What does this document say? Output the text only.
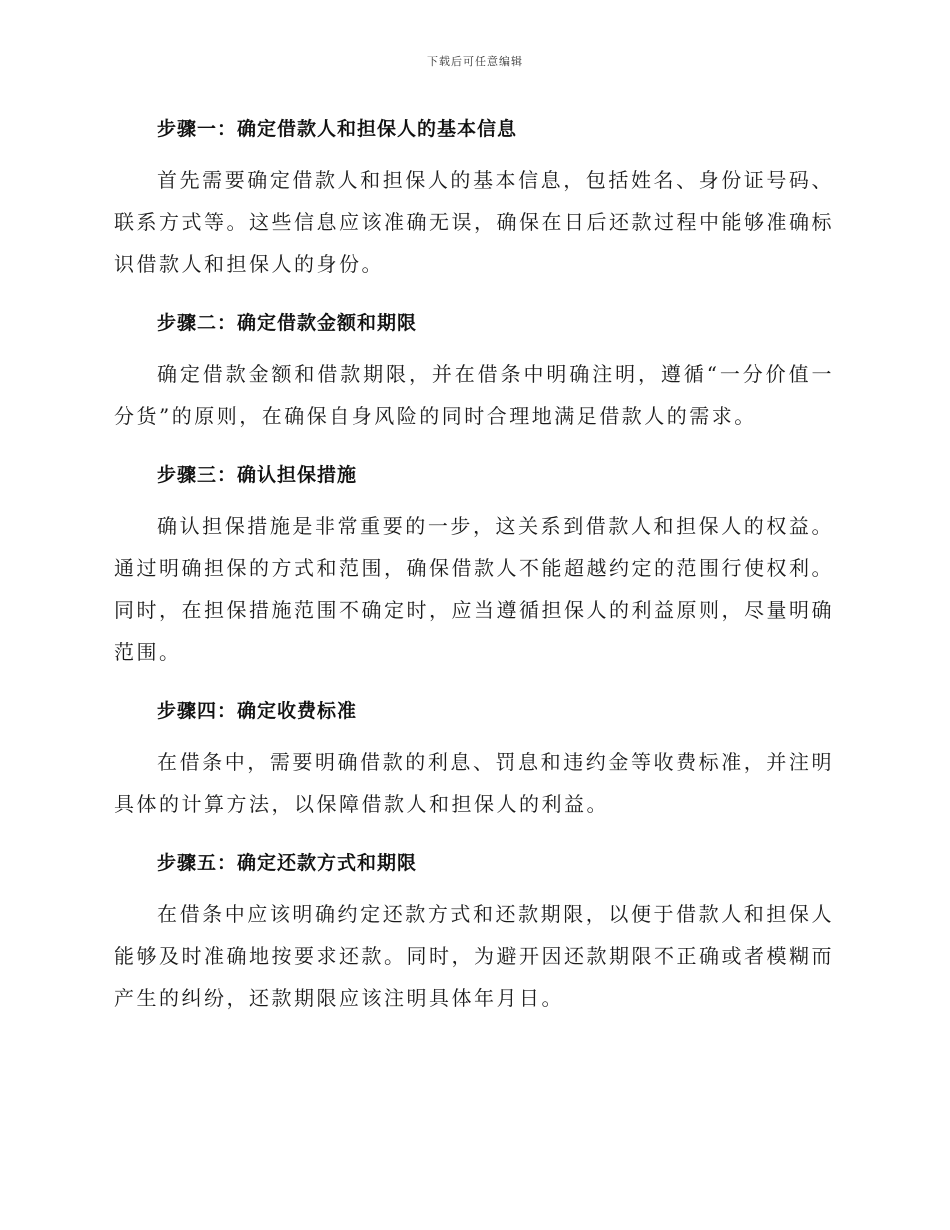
下载后可任意编辑

步骤一：确定借款人和担保人的基本信息

首先需要确定借款人和担保人的基本信息，包括姓名、身份证号码、联系方式等。这些信息应该准确无误，确保在日后还款过程中能够准确标识借款人和担保人的身份。

步骤二：确定借款金额和期限

确定借款金额和借款期限，并在借条中明确注明，遵循“一分价值一分货”的原则，在确保自身风险的同时合理地满足借款人的需求。

步骤三：确认担保措施

确认担保措施是非常重要的一步，这关系到借款人和担保人的权益。通过明确担保的方式和范围，确保借款人不能超越约定的范围行使权利。同时，在担保措施范围不确定时，应当遵循担保人的利益原则，尽量明确范围。

步骤四：确定收费标准

在借条中，需要明确借款的利息、罚息和违约金等收费标准，并注明具体的计算方法，以保障借款人和担保人的利益。

步骤五：确定还款方式和期限

在借条中应该明确约定还款方式和还款期限，以便于借款人和担保人能够及时准确地按要求还款。同时，为避开因还款期限不正确或者模糊而产生的纠纷，还款期限应该注明具体年月日。
